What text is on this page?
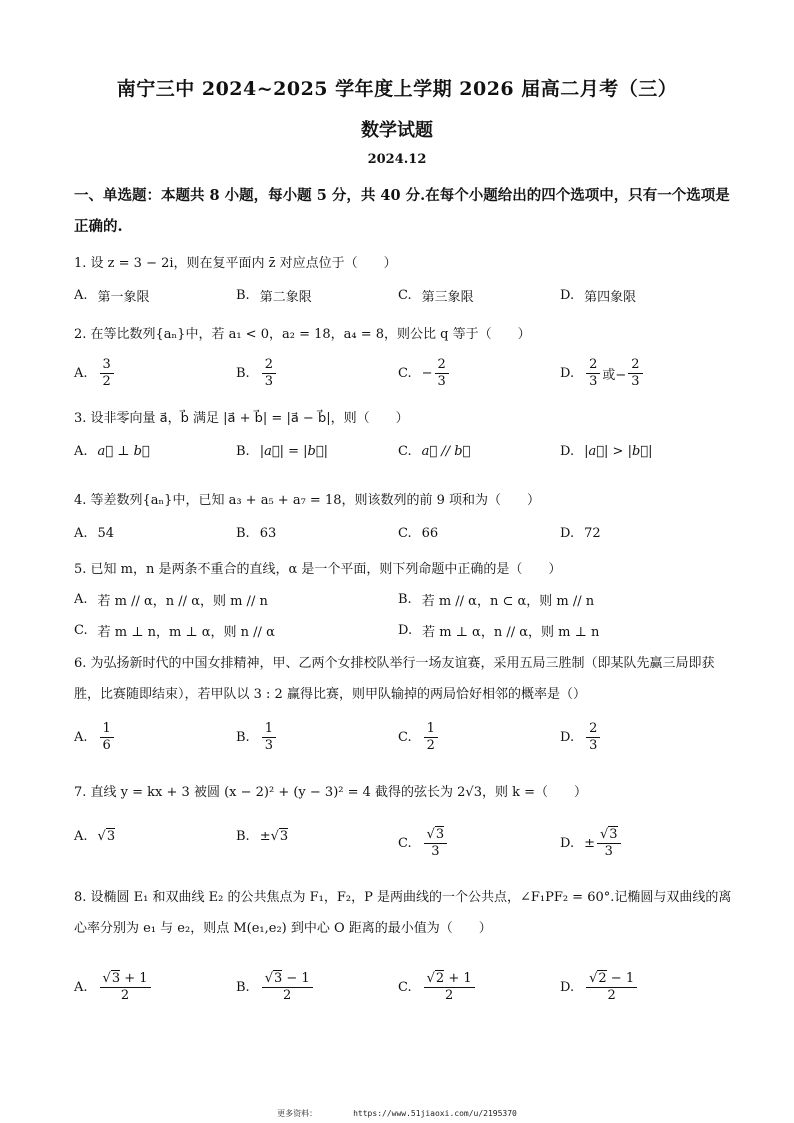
南宁三中 2024~2025 学年度上学期 2026 届高二月考（三）
数学试题
2024.12
一、单选题：本题共 8 小题，每小题 5 分，共 40 分.在每个小题给出的四个选项中，只有一个选项是正确的.
1. 设 z = 3 − 2i，则在复平面内 z̄ 对应点位于（　　）
A. 第一象限	B. 第二象限	C. 第三象限	D. 第四象限
2. 在等比数列{aₙ}中，若 a₁ < 0，a₂ = 18，a₄ = 8，则公比 q 等于（　　）
A. $\frac{3}{2}$	B. $\frac{2}{3}$	C. − $\frac{2}{3}$	D. $\frac{2}{3}$ 或− $\frac{2}{3}$
3. 设非零向量 a⃗，b⃗ 满足 |a⃗ + b⃗| = |a⃗ − b⃗|，则（　　）
A. a⃗ ⊥ b⃗	B. |a⃗| = |b⃗|	C. a⃗ // b⃗	D. |a⃗| > |b⃗|
4. 等差数列{aₙ}中，已知 a₃ + a₅ + a₇ = 18，则该数列的前 9 项和为（　　）
A. 54	B. 63	C. 66	D. 72
5. 已知 m，n 是两条不重合的直线，α 是一个平面，则下列命题中正确的是（　　）
A. 若 m // α，n // α，则 m // n	B. 若 m // α，n ⊂ α，则 m // n
C. 若 m ⊥ n，m ⊥ α，则 n // α	D. 若 m ⊥ α，n // α，则 m ⊥ n
6. 为弘扬新时代的中国女排精神，甲、乙两个女排校队举行一场友谊赛，采用五局三胜制（即某队先赢三局即获胜，比赛随即结束），若甲队以 3 : 2 赢得比赛，则甲队输掉的两局恰好相邻的概率是（）
A. $\frac{1}{6}$	B. $\frac{1}{3}$	C. $\frac{1}{2}$	D. $\frac{2}{3}$
7. 直线 y = kx + 3 被圆 (x − 2)² + (y − 3)² = 4 截得的弦长为 2√3，则 k =（　　）
A. √ 3	B. ±√ 3	C. $\frac{√3}{3}$	D. ± $\frac{√3}{3}$
8. 设椭圆 E₁ 和双曲线 E₂ 的公共焦点为 F₁，F₂，P 是两曲线的一个公共点，∠F₁PF₂ = 60°.记椭圆与双曲线的离心率分别为 e₁ 与 e₂，则点 M(e₁,e₂) 到中心 O 距离的最小值为（　　）
A. $\frac{√3 + 1}{2}$	B. $\frac{√3 - 1}{2}$	C. $\frac{√2 + 1}{2}$	D. $\frac{√2 - 1}{2}$
更多资料：	https://www.51jiaoxi.com/u/2195370
